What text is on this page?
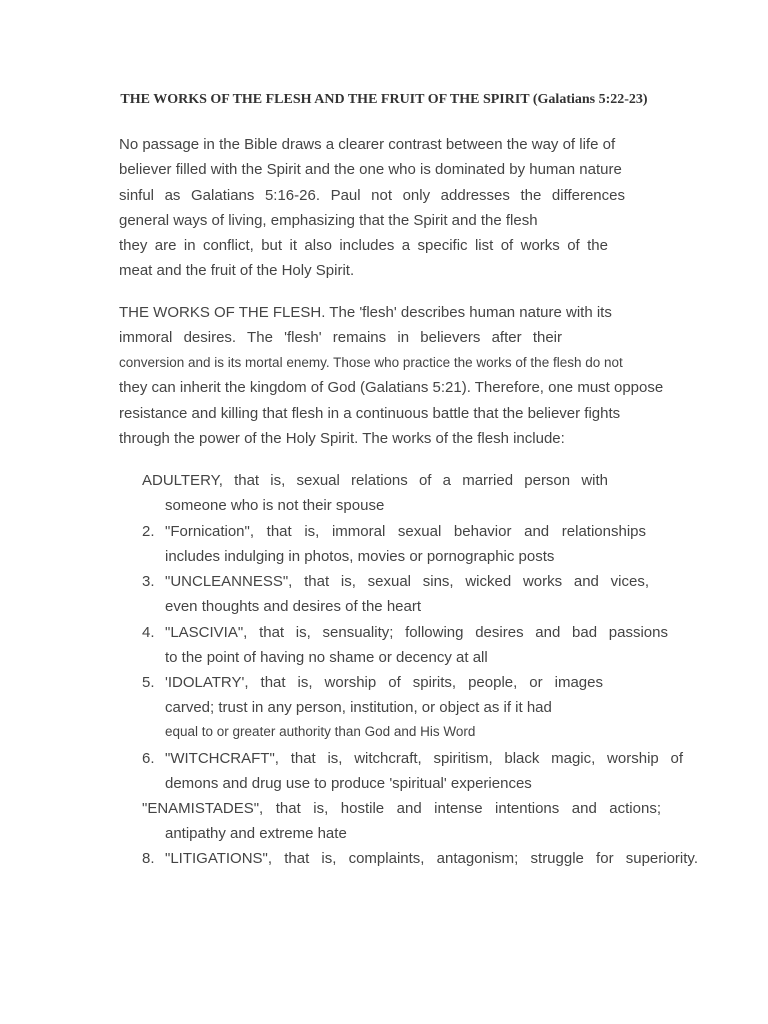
THE WORKS OF THE FLESH AND THE FRUIT OF THE SPIRIT (Galatians 5:22-23)
No passage in the Bible draws a clearer contrast between the way of life of
believer filled with the Spirit and the one who is dominated by human nature
sinful as Galatians 5:16-26. Paul not only addresses the differences
general ways of living, emphasizing that the Spirit and the flesh
they are in conflict, but it also includes a specific list of works of the
meat and the fruit of the Holy Spirit.
THE WORKS OF THE FLESH. The 'flesh' describes human nature with its
immoral desires. The 'flesh' remains in believers after their
conversion and is its mortal enemy. Those who practice the works of the flesh do not
they can inherit the kingdom of God (Galatians 5:21). Therefore, one must oppose
resistance and killing that flesh in a continuous battle that the believer fights
through the power of the Holy Spirit. The works of the flesh include:
ADULTERY, that is, sexual relations of a married person with
someone who is not their spouse
2. "Fornication", that is, immoral sexual behavior and relationships
includes indulging in photos, movies or pornographic posts
3. "UNCLEANNESS", that is, sexual sins, wicked works and vices,
even thoughts and desires of the heart
4. "LASCIVIA", that is, sensuality; following desires and bad passions
to the point of having no shame or decency at all
5. 'IDOLATRY', that is, worship of spirits, people, or images
carved; trust in any person, institution, or object as if it had
equal to or greater authority than God and His Word
6. "WITCHCRAFT", that is, witchcraft, spiritism, black magic, worship of
demons and drug use to produce 'spiritual' experiences
"ENAMISTADES", that is, hostile and intense intentions and actions;
antipathy and extreme hate
8. "LITIGATIONS", that is, complaints, antagonism; struggle for superiority.
